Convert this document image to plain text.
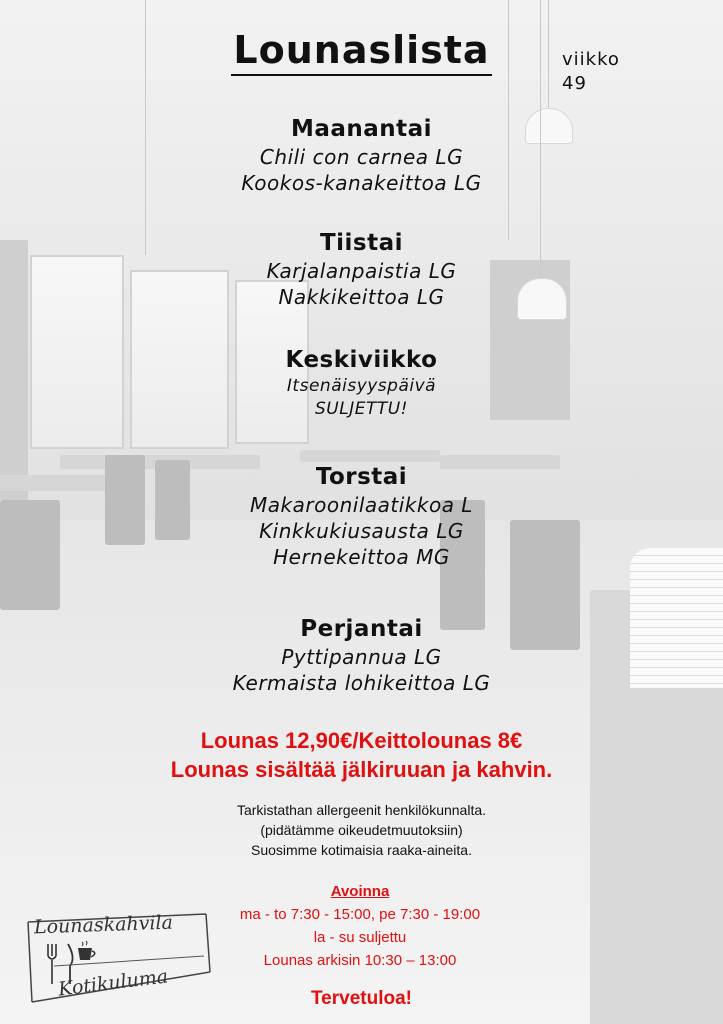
Lounaslista	viikko
49
Maanantai
Chili con carnea LG
Kookos-kanakeittoa LG
Tiistai
Karjalanpaistia LG
Nakkikeittoa LG
Keskiviikko
Itsenäisyyspäivä
SULJETTU!
Torstai
Makaroonilaatikkoa L
Kinkkukiusausta LG
Hernekeittoa MG
Perjantai
Pyttipannua LG
Kermaista lohikeittoa LG
Lounas 12,90€/Keittolounas 8€
Lounas sisältää jälkiruuan ja kahvin.
Tarkistathan allergeenit henkilökunnalta.
(pidätämme oikeudetmuutoksiin)
Suosimme kotimaisia raaka-aineita.
Avoinna
ma - to 7:30 - 15:00, pe 7:30 - 19:00
la - su suljettu
Lounas arkisin 10:30 – 13:00
Tervetuloa!
Lounaskahvila
Kotikuluma
